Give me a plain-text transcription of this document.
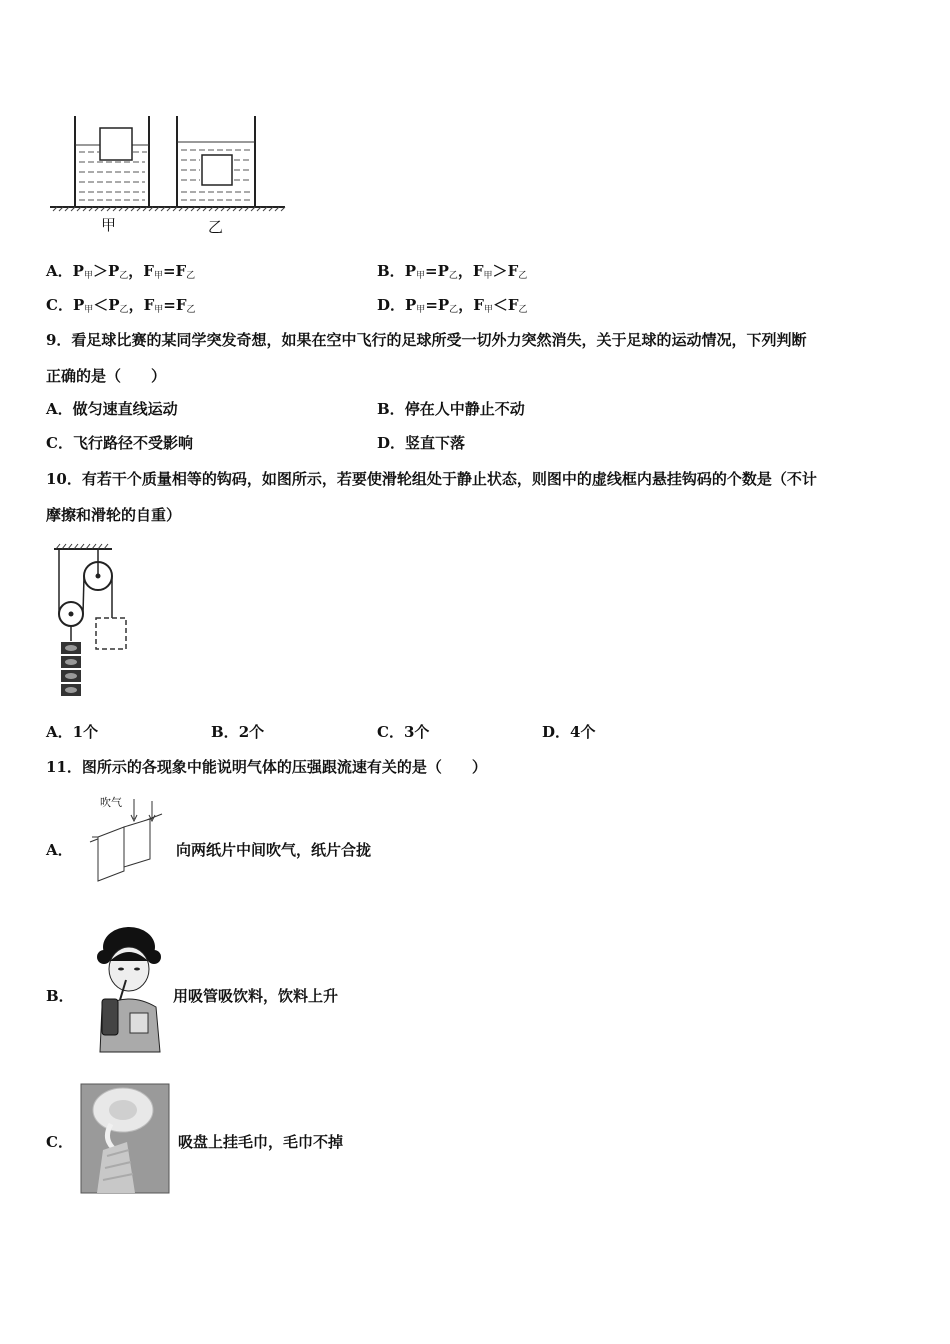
甲	乙
A．$P_甲>P_乙$，$F_甲=F_乙$	B．$P_甲=P_乙$，$F_甲>F_乙$
C．$P_甲<P_乙$，$F_甲=F_乙$	D．$P_甲=P_乙$，$F_甲<F_乙$
9．看足球比赛的某同学突发奇想，如果在空中飞行的足球所受一切外力突然消失，关于足球的运动情况，下列判断
正确的是（　　）
A．做匀速直线运动	B．停在人中静止不动
C．飞行路径不受影响	D．竖直下落
10．有若干个质量相等的钩码，如图所示，若要使滑轮组处于静止状态，则图中的虚线框内悬挂钩码的个数是（不计
摩擦和滑轮的自重）
A．1个	B．2个	C．3个	D．4个
11．图所示的各现象中能说明气体的压强跟流速有关的是（　　）
A．
吹气
向两纸片中间吹气，纸片合拢
B．	用吸管吸饮料，饮料上升
C．	吸盘上挂毛巾，毛巾不掉
